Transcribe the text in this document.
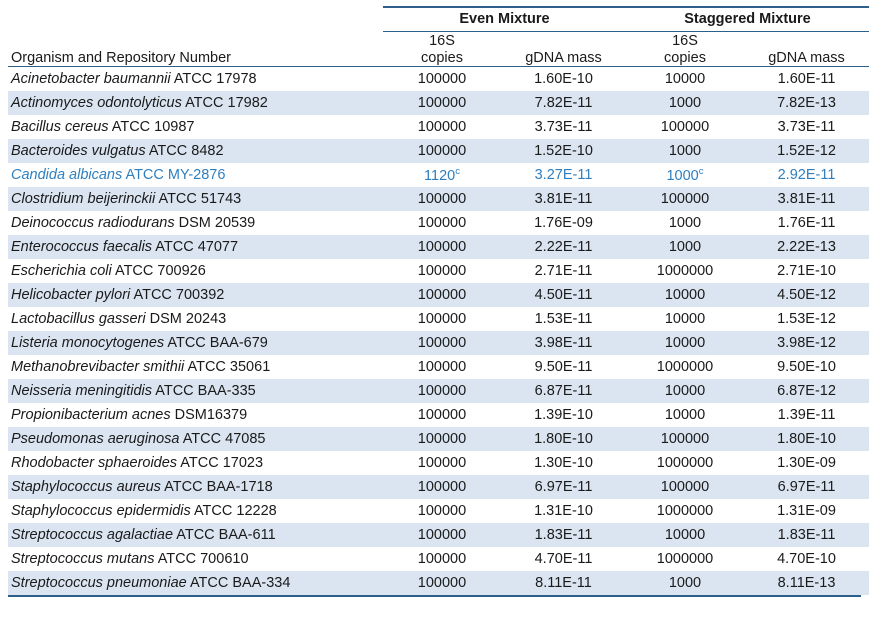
	Even Mixture		Staggered Mixture	
	16S		16S	
Organism and Repository Number	copies	gDNA mass	copies	gDNA mass

Acinetobacter baumannii ATCC 17978	100000	1.60E-10	10000	1.60E-11
Actinomyces odontolyticus ATCC 17982	100000	7.82E-11	1000	7.82E-13
Bacillus cereus ATCC 10987	100000	3.73E-11	100000	3.73E-11
Bacteroides vulgatus ATCC 8482	100000	1.52E-10	1000	1.52E-12
Candida albicans ATCC MY-2876	1120$^c$	3.27E-11	1000$^c$	2.92E-11
Clostridium beijerinckii ATCC 51743	100000	3.81E-11	100000	3.81E-11
Deinococcus radiodurans DSM 20539	100000	1.76E-09	1000	1.76E-11
Enterococcus faecalis ATCC 47077	100000	2.22E-11	1000	2.22E-13
Escherichia coli ATCC 700926	100000	2.71E-11	1000000	2.71E-10
Helicobacter pylori ATCC 700392	100000	4.50E-11	10000	4.50E-12
Lactobacillus gasseri DSM 20243	100000	1.53E-11	10000	1.53E-12
Listeria monocytogenes ATCC BAA-679	100000	3.98E-11	10000	3.98E-12
Methanobrevibacter smithii ATCC 35061	100000	9.50E-11	1000000	9.50E-10
Neisseria meningitidis ATCC BAA-335	100000	6.87E-11	10000	6.87E-12
Propionibacterium acnes DSM16379	100000	1.39E-10	10000	1.39E-11
Pseudomonas aeruginosa ATCC 47085	100000	1.80E-10	100000	1.80E-10
Rhodobacter sphaeroides ATCC 17023	100000	1.30E-10	1000000	1.30E-09
Staphylococcus aureus ATCC BAA-1718	100000	6.97E-11	100000	6.97E-11
Staphylococcus epidermidis ATCC 12228	100000	1.31E-10	1000000	1.31E-09
Streptococcus agalactiae ATCC BAA-611	100000	1.83E-11	10000	1.83E-11
Streptococcus mutans ATCC 700610	100000	4.70E-11	1000000	4.70E-10
Streptococcus pneumoniae ATCC BAA-334	100000	8.11E-11	1000	8.11E-13
